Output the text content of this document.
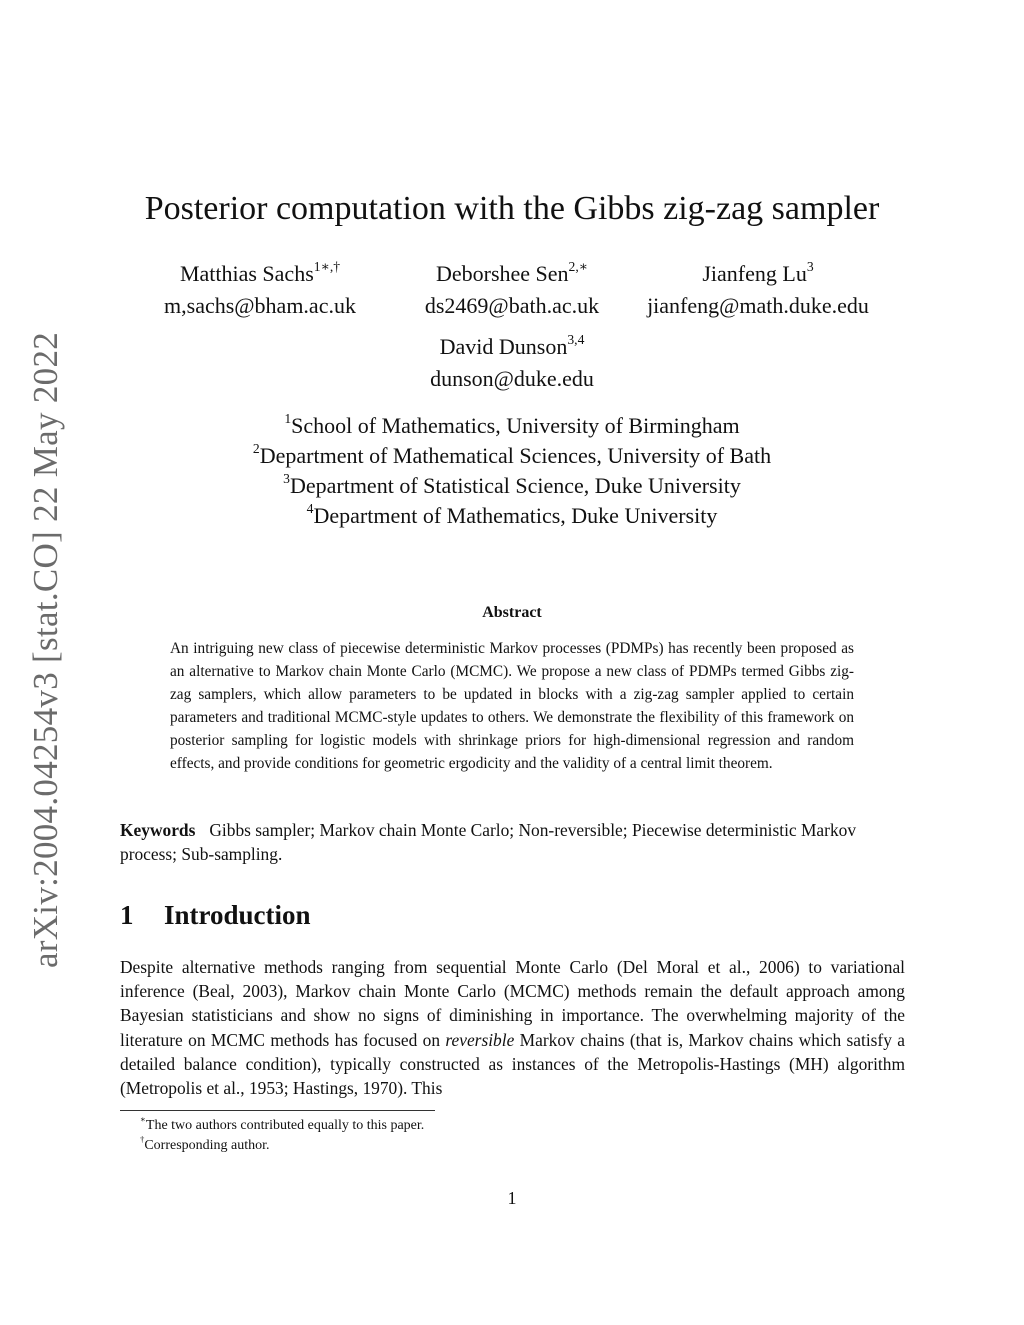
arXiv:2004.04254v3 [stat.CO] 22 May 2022
Posterior computation with the Gibbs zig-zag sampler
Matthias Sachs$^{1∗,\dagger}$
m,sachs@bham.ac.uk
Deborshee Sen$^{2,∗}$
ds2469@bath.ac.uk
Jianfeng Lu$^3$
jianfeng@math.duke.edu
David Dunson$^{3,4}$
dunson@duke.edu
$^1$School of Mathematics, University of Birmingham
$^2$Department of Mathematical Sciences, University of Bath
$^3$Department of Statistical Science, Duke University
$^4$Department of Mathematics, Duke University
Abstract
An intriguing new class of piecewise deterministic Markov processes (PDMPs) has recently been proposed as an alternative to Markov chain Monte Carlo (MCMC). We propose a new class of PDMPs termed Gibbs zig-zag samplers, which allow parameters to be updated in blocks with a zig-zag sampler applied to certain parameters and traditional MCMC-style updates to others. We demonstrate the flexibility of this framework on posterior sampling for logistic models with shrinkage priors for high-dimensional regression and random effects, and provide conditions for geometric ergodicity and the validity of a central limit theorem.
Keywords Gibbs sampler; Markov chain Monte Carlo; Non-reversible; Piecewise deterministic Markov process; Sub-sampling.
1 Introduction
Despite alternative methods ranging from sequential Monte Carlo (Del Moral et al., 2006) to variational inference (Beal, 2003), Markov chain Monte Carlo (MCMC) methods remain the default approach among Bayesian statisticians and show no signs of diminishing in importance. The overwhelming majority of the literature on MCMC methods has focused on reversible Markov chains (that is, Markov chains which satisfy a detailed balance condition), typically constructed as instances of the Metropolis-Hastings (MH) algorithm (Metropolis et al., 1953; Hastings, 1970). This
∗The two authors contributed equally to this paper.
†Corresponding author.
1
